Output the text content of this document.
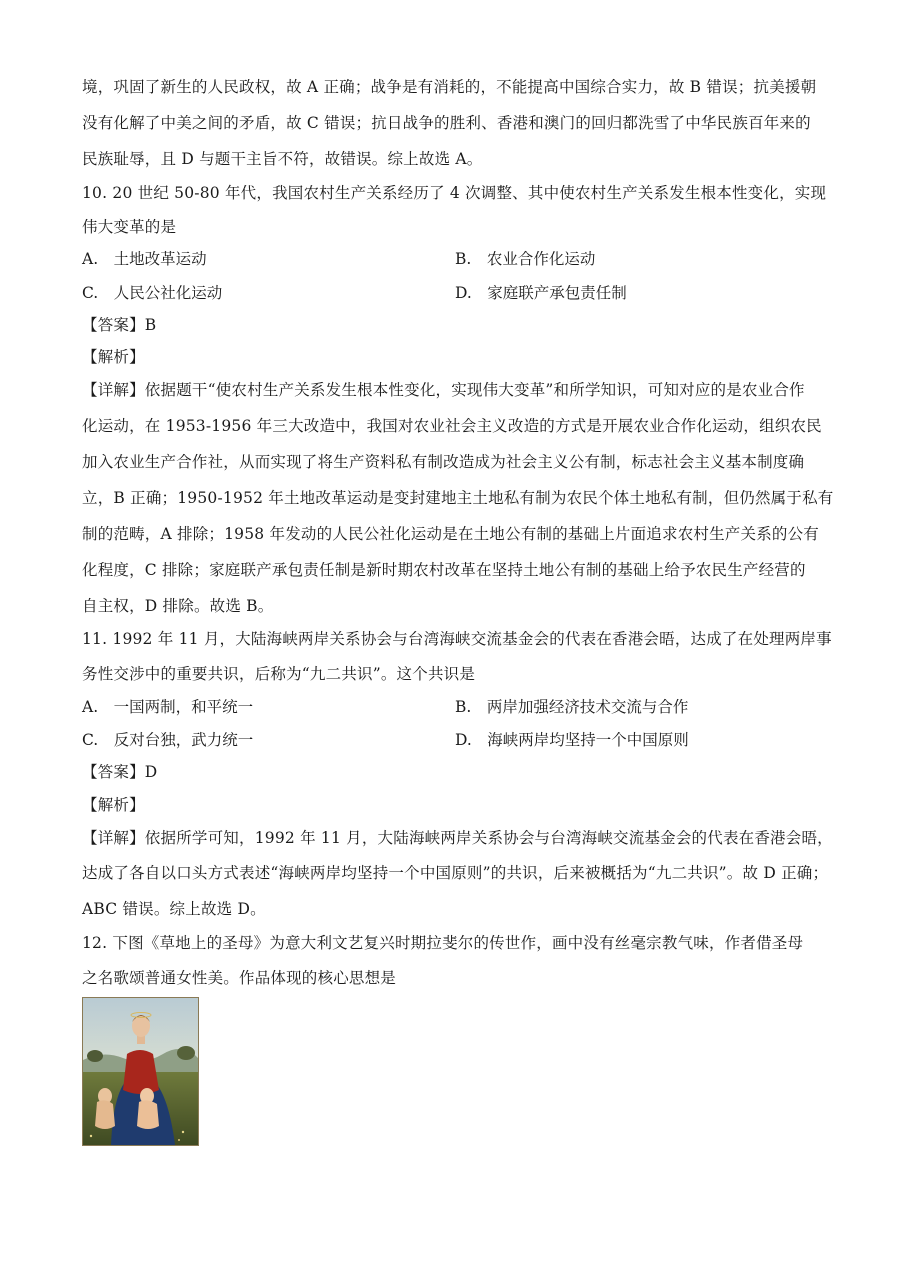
境，巩固了新生的人民政权，故 A 正确；战争是有消耗的，不能提高中国综合实力，故 B 错误；抗美援朝
没有化解了中美之间的矛盾，故 C 错误；抗日战争的胜利、香港和澳门的回归都洗雪了中华民族百年来的
民族耻辱，且 D 与题干主旨不符，故错误。综上故选 A。
10. 20 世纪 50-80 年代，我国农村生产关系经历了 4 次调整、其中使农村生产关系发生根本性变化，实现
伟大变革的是
A.　土地改革运动	B.　农业合作化运动
C.　人民公社化运动	D.　家庭联产承包责任制
【答案】B
【解析】
【详解】依据题干“使农村生产关系发生根本性变化，实现伟大变革”和所学知识，可知对应的是农业合作
化运动，在 1953-1956 年三大改造中，我国对农业社会主义改造的方式是开展农业合作化运动，组织农民
加入农业生产合作社，从而实现了将生产资料私有制改造成为社会主义公有制，标志社会主义基本制度确
立，B 正确；1950-1952 年土地改革运动是变封建地主土地私有制为农民个体土地私有制，但仍然属于私有
制的范畴，A 排除；1958 年发动的人民公社化运动是在土地公有制的基础上片面追求农村生产关系的公有
化程度，C 排除；家庭联产承包责任制是新时期农村改革在坚持土地公有制的基础上给予农民生产经营的
自主权，D 排除。故选 B。
11. 1992 年 11 月，大陆海峡两岸关系协会与台湾海峡交流基金会的代表在香港会晤，达成了在处理两岸事
务性交涉中的重要共识，后称为“九二共识”。这个共识是
A.　一国两制，和平统一	B.　两岸加强经济技术交流与合作
C.　反对台独，武力统一	D.　海峡两岸均坚持一个中国原则
【答案】D
【解析】
【详解】依据所学可知，1992 年 11 月，大陆海峡两岸关系协会与台湾海峡交流基金会的代表在香港会晤，
达成了各自以口头方式表述“海峡两岸均坚持一个中国原则”的共识，后来被概括为“九二共识”。故 D 正确；
ABC 错误。综上故选 D。
12. 下图《草地上的圣母》为意大利文艺复兴时期拉斐尔的传世作，画中没有丝毫宗教气味，作者借圣母
之名歌颂普通女性美。作品体现的核心思想是
